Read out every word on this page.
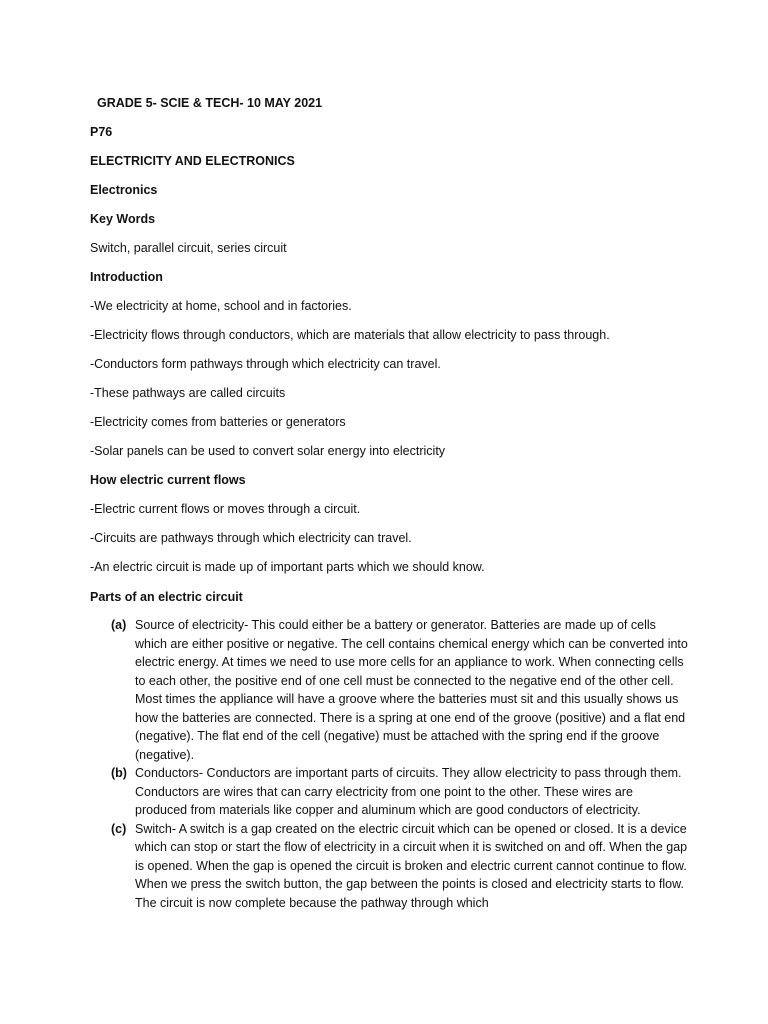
GRADE 5- SCIE & TECH- 10 MAY 2021
P76
ELECTRICITY AND ELECTRONICS
Electronics
Key Words
Switch, parallel circuit, series circuit
Introduction
-We electricity at home, school and in factories.
-Electricity flows through conductors, which are materials that allow electricity to pass through.
-Conductors form pathways through which electricity can travel.
-These pathways are called circuits
-Electricity comes from batteries or generators
-Solar panels can be used to convert solar energy into electricity
How electric current flows
-Electric current flows or moves through a circuit.
-Circuits are pathways through which electricity can travel.
-An electric circuit is made up of important parts which we should know.
Parts of an electric circuit
(a) Source of electricity- This could either be a battery or generator. Batteries are made up of cells which are either positive or negative. The cell contains chemical energy which can be converted into electric energy. At times we need to use more cells for an appliance to work. When connecting cells to each other, the positive end of one cell must be connected to the negative end of the other cell. Most times the appliance will have a groove where the batteries must sit and this usually shows us how the batteries are connected. There is a spring at one end of the groove (positive) and a flat end (negative). The flat end of the cell (negative) must be attached with the spring end if the groove (negative).
(b) Conductors- Conductors are important parts of circuits. They allow electricity to pass through them. Conductors are wires that can carry electricity from one point to the other. These wires are produced from materials like copper and aluminum which are good conductors of electricity.
(c) Switch- A switch is a gap created on the electric circuit which can be opened or closed. It is a device which can stop or start the flow of electricity in a circuit when it is switched on and off. When the gap is opened. When the gap is opened the circuit is broken and electric current cannot continue to flow. When we press the switch button, the gap between the points is closed and electricity starts to flow. The circuit is now complete because the pathway through which
